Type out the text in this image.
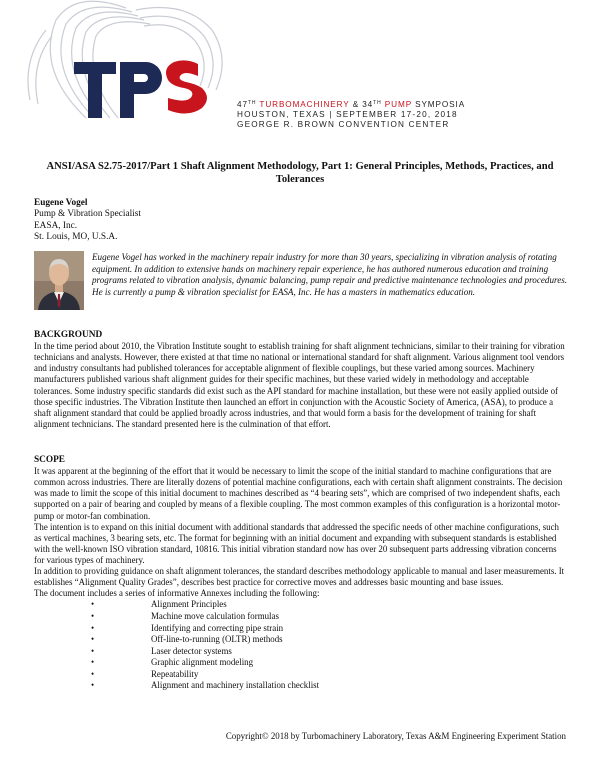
47TH TURBOMACHINERY & 34TH PUMP SYMPOSIA
HOUSTON, TEXAS | SEPTEMBER 17-20, 2018
GEORGE R. BROWN CONVENTION CENTER
ANSI/ASA S2.75-2017/Part 1 Shaft Alignment Methodology, Part 1: General Principles, Methods, Practices, and Tolerances
Eugene Vogel
Pump & Vibration Specialist
EASA, Inc.
St. Louis, MO, U.S.A.
Eugene Vogel has worked in the machinery repair industry for more than 30 years, specializing in vibration analysis of rotating equipment. In addition to extensive hands on machinery repair experience, he has authored numerous education and training programs related to vibration analysis, dynamic balancing, pump repair and predictive maintenance technologies and procedures. He is currently a pump & vibration specialist for EASA, Inc. He has a masters in mathematics education.
BACKGROUND

In the time period about 2010, the Vibration Institute sought to establish training for shaft alignment technicians, similar to their training for vibration technicians and analysts. However, there existed at that time no national or international standard for shaft alignment. Various alignment tool vendors and industry consultants had published tolerances for acceptable alignment of flexible couplings, but these varied among sources. Machinery manufacturers published various shaft alignment guides for their specific machines, but these varied widely in methodology and acceptable tolerances. Some industry specific standards did exist such as the API standard for machine installation, but these were not easily applied outside of those specific industries. The Vibration Institute then launched an effort in conjunction with the Acoustic Society of America, (ASA), to produce a shaft alignment standard that could be applied broadly across industries, and that would form a basis for the development of training for shaft alignment technicians. The standard presented here is the culmination of that effort.

SCOPE

It was apparent at the beginning of the effort that it would be necessary to limit the scope of the initial standard to machine configurations that are common across industries. There are literally dozens of potential machine configurations, each with certain shaft alignment constraints. The decision was made to limit the scope of this initial document to machines described as “4 bearing sets”, which are comprised of two independent shafts, each supported on a pair of bearing and coupled by means of a flexible coupling. The most common examples of this configuration is a horizontal motor-pump or motor-fan combination.

The intention is to expand on this initial document with additional standards that addressed the specific needs of other machine configurations, such as vertical machines, 3 bearing sets, etc. The format for beginning with an initial document and expanding with subsequent standards is established with the well-known ISO vibration standard, 10816. This initial vibration standard now has over 20 subsequent parts addressing vibration concerns for various types of machinery.

In addition to providing guidance on shaft alignment tolerances, the standard describes methodology applicable to manual and laser measurements. It establishes “Alignment Quality Grades”, describes best practice for corrective moves and addresses basic mounting and base issues.

The document includes a series of informative Annexes including the following:

•	Alignment Principles
•	Machine move calculation formulas
•	Identifying and correcting pipe strain
•	Off-line-to-running (OLTR) methods
•	Laser detector systems
•	Graphic alignment modeling
•	Repeatability
•	Alignment and machinery installation checklist
Copyright© 2018 by Turbomachinery Laboratory, Texas A&M Engineering Experiment Station
